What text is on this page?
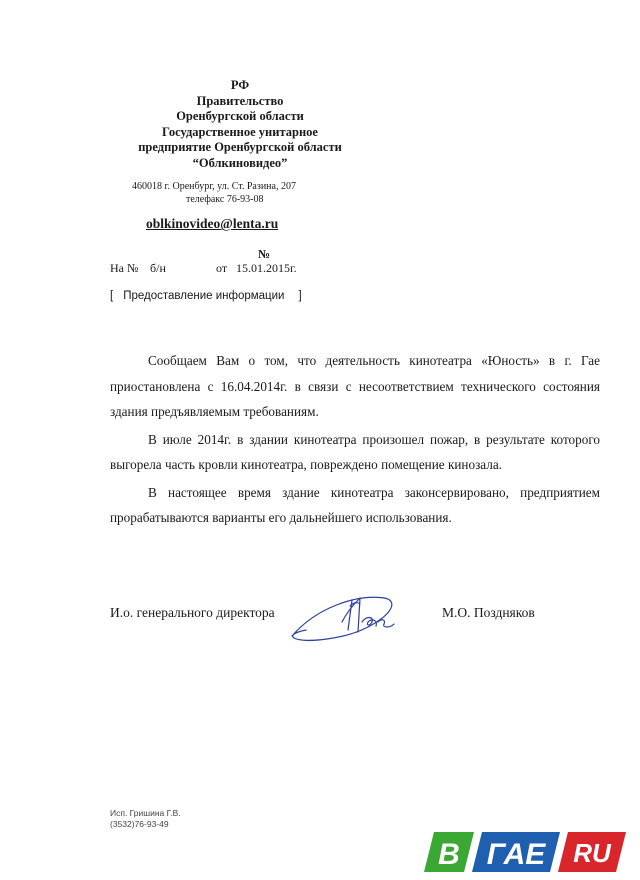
РФ
Правительство
Оренбургской области
Государственное унитарное
предприятие Оренбургской области
“Облкиновидео”
460018 г. Оренбург, ул. Ст. Разина, 207
телефакс 76-93-08
oblkinovideo@lenta.ru
№
На № б/н	от 15.01.2015г.
[ Предоставление информации ]

Сообщаем Вам о том, что деятельность кинотеатра «Юность» в г. Гае приостановлена с 16.04.2014г. в связи с несоответствием технического состояния здания предъявляемым требованиям.

В июле 2014г. в здании кинотеатра произошел пожар, в результате которого выгорела часть кровли кинотеатра, повреждено помещение кинозала.

В настоящее время здание кинотеатра законсервировано, предприятием прорабатываются варианты его дальнейшего использования.

И.о. генерального директора	М.О. Поздняков
Исп. Гришина Г.В.
(3532)76-93-49
В ГАЕ RU
